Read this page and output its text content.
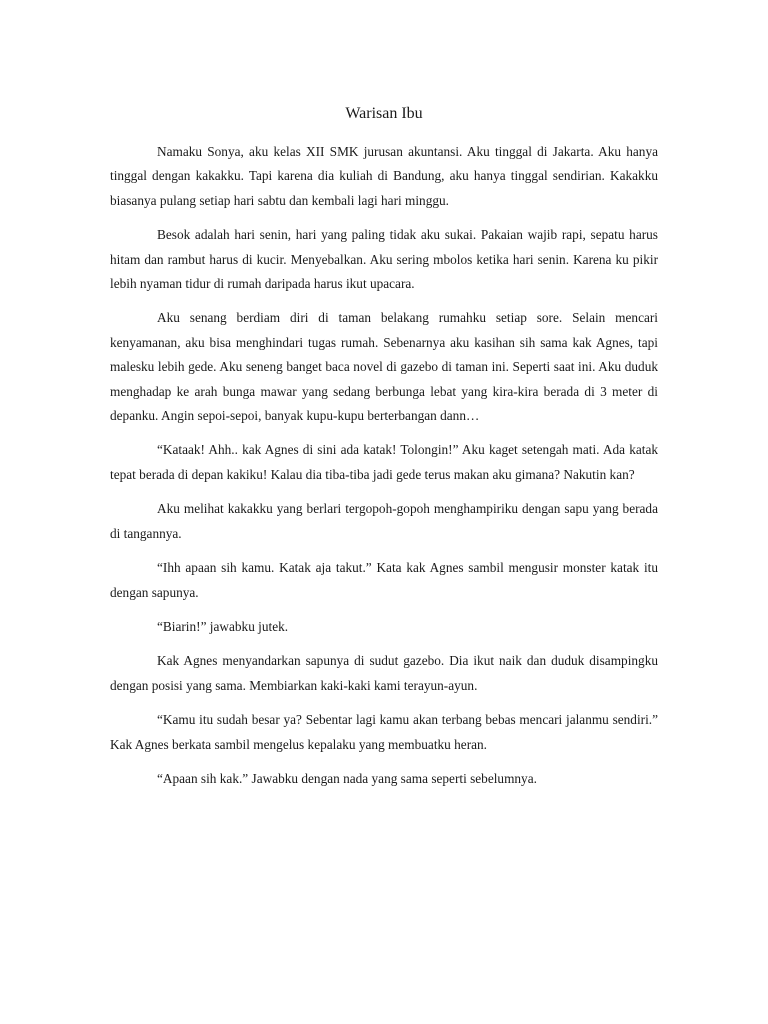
Warisan Ibu

Namaku Sonya, aku kelas XII SMK jurusan akuntansi. Aku tinggal di Jakarta. Aku hanya tinggal dengan kakakku. Tapi karena dia kuliah di Bandung, aku hanya tinggal sendirian. Kakakku biasanya pulang setiap hari sabtu dan kembali lagi hari minggu.

Besok adalah hari senin, hari yang paling tidak aku sukai. Pakaian wajib rapi, sepatu harus hitam dan rambut harus di kucir. Menyebalkan. Aku sering mbolos ketika hari senin. Karena ku pikir lebih nyaman tidur di rumah daripada harus ikut upacara.

Aku senang berdiam diri di taman belakang rumahku setiap sore. Selain mencari kenyamanan, aku bisa menghindari tugas rumah. Sebenarnya aku kasihan sih sama kak Agnes, tapi malesku lebih gede. Aku seneng banget baca novel di gazebo di taman ini. Seperti saat ini. Aku duduk menghadap ke arah bunga mawar yang sedang berbunga lebat yang kira-kira berada di 3 meter di depanku. Angin sepoi-sepoi, banyak kupu-kupu berterbangan dann…

“Kataak! Ahh.. kak Agnes di sini ada katak! Tolongin!” Aku kaget setengah mati. Ada katak tepat berada di depan kakiku! Kalau dia tiba-tiba jadi gede terus makan aku gimana? Nakutin kan?

Aku melihat kakakku yang berlari tergopoh-gopoh menghampiriku dengan sapu yang berada di tangannya.

“Ihh apaan sih kamu. Katak aja takut.” Kata kak Agnes sambil mengusir monster katak itu dengan sapunya.

“Biarin!” jawabku jutek.

Kak Agnes menyandarkan sapunya di sudut gazebo. Dia ikut naik dan duduk disampingku dengan posisi yang sama. Membiarkan kaki-kaki kami terayun-ayun.

“Kamu itu sudah besar ya? Sebentar lagi kamu akan terbang bebas mencari jalanmu sendiri.” Kak Agnes berkata sambil mengelus kepalaku yang membuatku heran.

“Apaan sih kak.” Jawabku dengan nada yang sama seperti sebelumnya.
